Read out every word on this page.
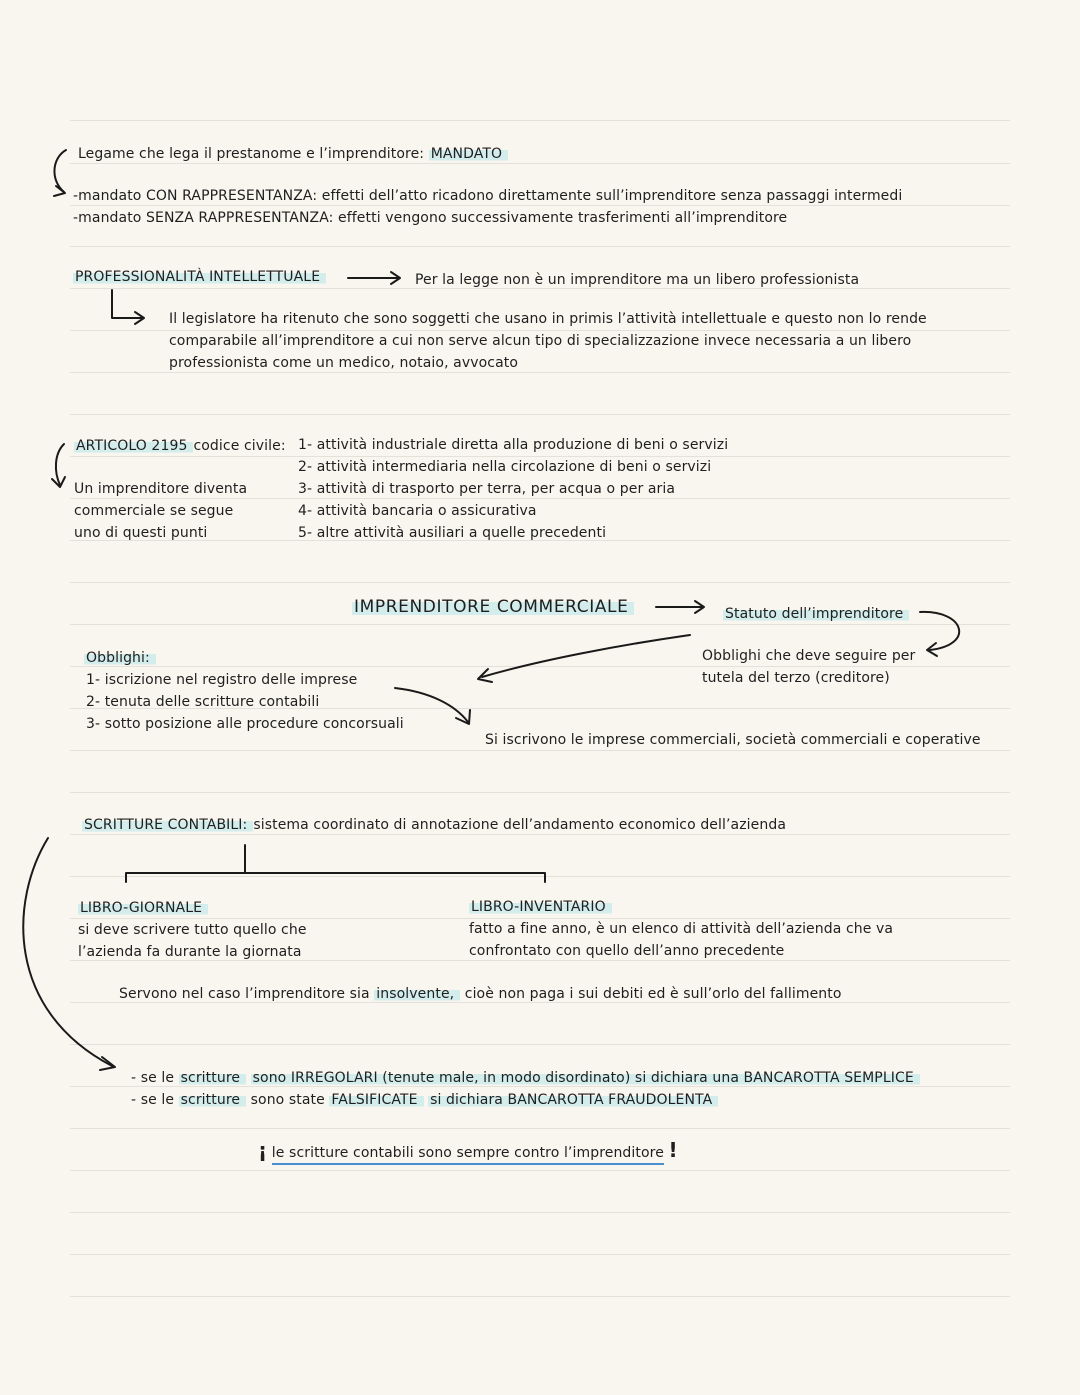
Legame che lega il prestanome e l’imprenditore: MANDATO
-mandato CON RAPPRESENTANZA: effetti dell’atto ricadono direttamente sull’imprenditore senza passaggi intermedi
-mandato SENZA RAPPRESENTANZA: effetti vengono successivamente trasferimenti all’imprenditore
PROFESSIONALITÀ INTELLETTUALE	Per la legge non è un imprenditore ma un libero professionista
Il legislatore ha ritenuto che sono soggetti che usano in primis l’attività intellettuale e questo non lo rende
comparabile all’imprenditore a cui non serve alcun tipo di specializzazione invece necessaria a un libero
professionista come un medico, notaio, avvocato
ARTICOLO 2195 codice civile:
Un imprenditore diventa
commerciale se segue
uno di questi punti
1- attività industriale diretta alla produzione di beni o servizi
2- attività intermediaria nella circolazione di beni o servizi
3- attività di trasporto per terra, per acqua o per aria
4- attività bancaria o assicurativa
5- altre attività ausiliari a quelle precedenti
IMPRENDITORE COMMERCIALE	Statuto dell’imprenditore
Obblighi che deve seguire per
tutela del terzo (creditore)
Obblighi:
1- iscrizione nel registro delle imprese
2- tenuta delle scritture contabili
3- sotto posizione alle procedure concorsuali
Si iscrivono le imprese commerciali, società commerciali e coperative
SCRITTURE CONTABILI: sistema coordinato di annotazione dell’andamento economico dell’azienda
LIBRO-GIORNALE
si deve scrivere tutto quello che
l’azienda fa durante la giornata
LIBRO-INVENTARIO
fatto a fine anno, è un elenco di attività dell’azienda che va
confrontato con quello dell’anno precedente
Servono nel caso l’imprenditore sia insolvente, cioè non paga i sui debiti ed è sull’orlo del fallimento
- se le scritture sono IRREGOLARI (tenute male, in modo disordinato) si dichiara una BANCAROTTA SEMPLICE
- se le scritture sono state FALSIFICATE si dichiara BANCAROTTA FRAUDOLENTA
¡ le scritture contabili sono sempre contro l’imprenditore !
